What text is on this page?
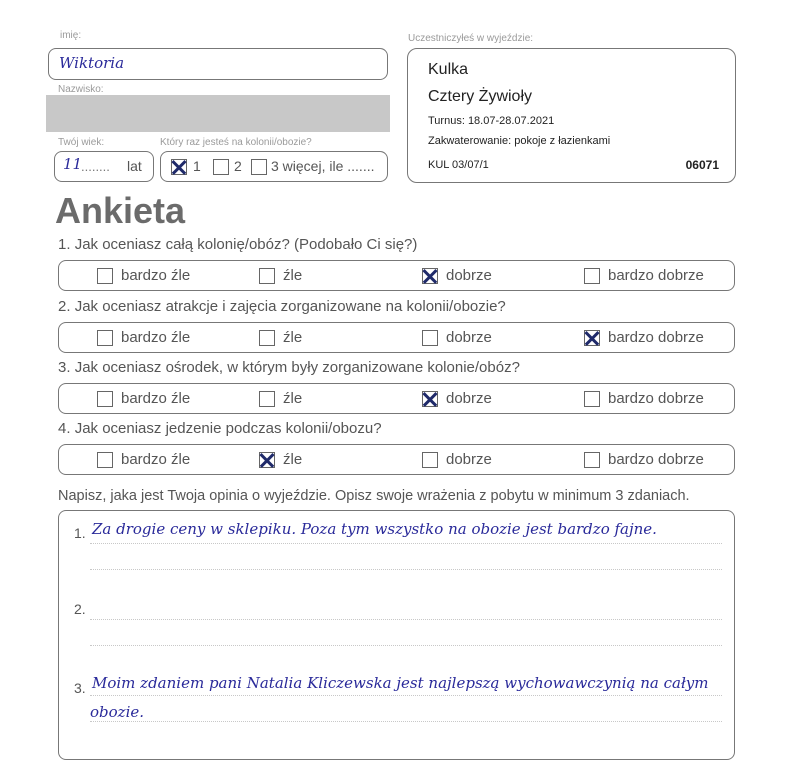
imię:
Wiktoria
Nazwisko:
Twój wiek:
11
........ lat
Który raz jesteś na kolonii/obozie?
1 2 3 więcej, ile .......
Uczestniczyłeś w wyjeździe:
Kulka
Cztery Żywioły
Turnus: 18.07-28.07.2021
Zakwaterowanie: pokoje z łazienkami
KUL 03/07/1	06071
Ankieta
1. Jak oceniasz całą kolonię/obóz? (Podobało Ci się?)
bardzo źle	źle	dobrze	bardzo dobrze
2. Jak oceniasz atrakcje i zajęcia zorganizowane na kolonii/obozie?
bardzo źle	źle	dobrze	bardzo dobrze
3. Jak oceniasz ośrodek, w którym były zorganizowane kolonie/obóz?
bardzo źle	źle	dobrze	bardzo dobrze
4. Jak oceniasz jedzenie podczas kolonii/obozu?
bardzo źle	źle	dobrze	bardzo dobrze
Napisz, jaka jest Twoja opinia o wyjeździe. Opisz swoje wrażenia z pobytu w minimum 3 zdaniach.
1. Za drogie ceny w sklepiku. Poza tym wszystko na obozie jest bardzo fajne.
2.
3. Moim zdaniem pani Natalia Kliczewska jest najlepszą wychowawczynią na całym
obozie.
